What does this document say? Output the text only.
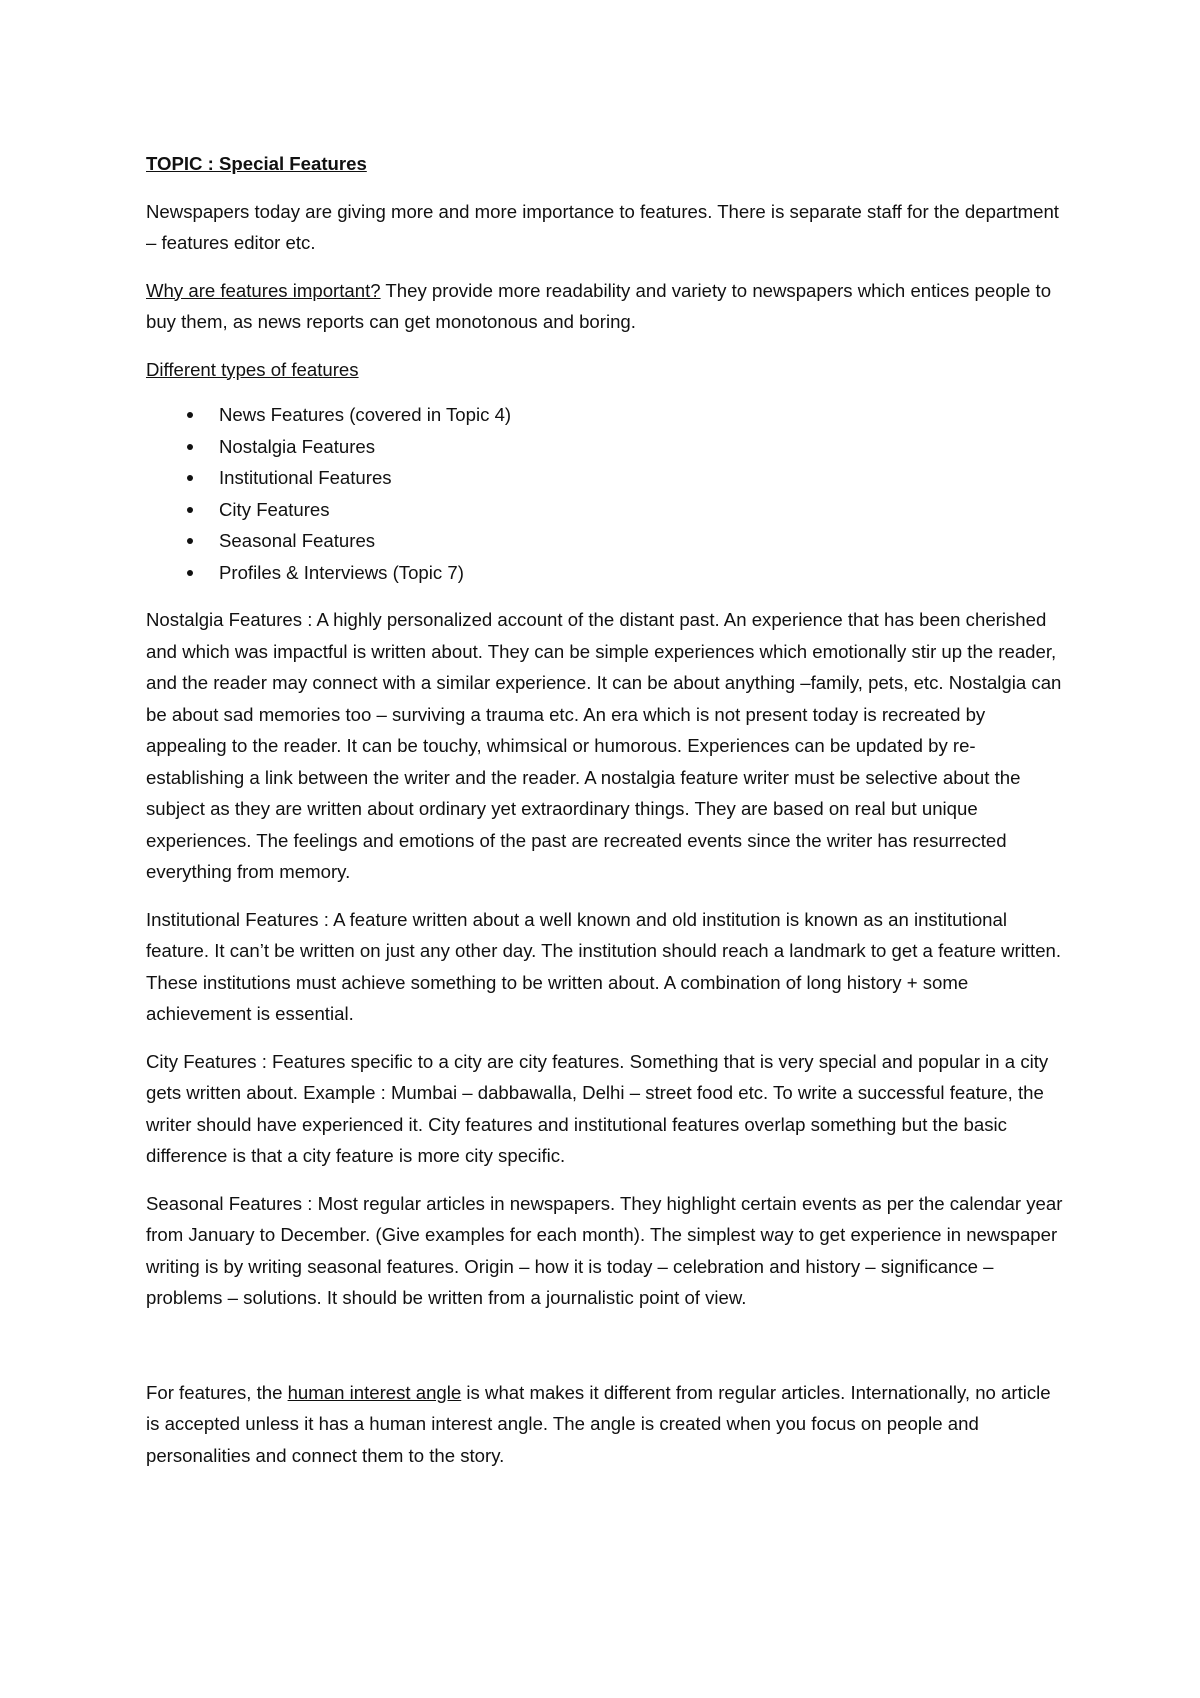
TOPIC : Special Features

Newspapers today are giving more and more importance to features. There is separate staff for the department – features editor etc.

Why are features important? They provide more readability and variety to newspapers which entices people to buy them, as news reports can get monotonous and boring.

Different types of features

News Features (covered in Topic 4)
Nostalgia Features
Institutional Features
City Features
Seasonal Features
Profiles & Interviews (Topic 7)

Nostalgia Features : A highly personalized account of the distant past. An experience that has been cherished and which was impactful is written about. They can be simple experiences which emotionally stir up the reader, and the reader may connect with a similar experience. It can be about anything –family, pets, etc. Nostalgia can be about sad memories too – surviving a trauma etc. An era which is not present today is recreated by appealing to the reader. It can be touchy, whimsical or humorous. Experiences can be updated by re-establishing a link between the writer and the reader. A nostalgia feature writer must be selective about the subject as they are written about ordinary yet extraordinary things. They are based on real but unique experiences. The feelings and emotions of the past are recreated events since the writer has resurrected everything from memory.

Institutional Features : A feature written about a well known and old institution is known as an institutional feature. It can’t be written on just any other day. The institution should reach a landmark to get a feature written. These institutions must achieve something to be written about. A combination of long history + some achievement is essential.

City Features : Features specific to a city are city features. Something that is very special and popular in a city gets written about. Example : Mumbai – dabbawalla, Delhi – street food etc. To write a successful feature, the writer should have experienced it. City features and institutional features overlap something but the basic difference is that a city feature is more city specific.

Seasonal Features : Most regular articles in newspapers. They highlight certain events as per the calendar year from January to December. (Give examples for each month). The simplest way to get experience in newspaper writing is by writing seasonal features. Origin – how it is today – celebration and history – significance – problems – solutions. It should be written from a journalistic point of view.

For features, the human interest angle is what makes it different from regular articles. Internationally, no article is accepted unless it has a human interest angle. The angle is created when you focus on people and personalities and connect them to the story.
